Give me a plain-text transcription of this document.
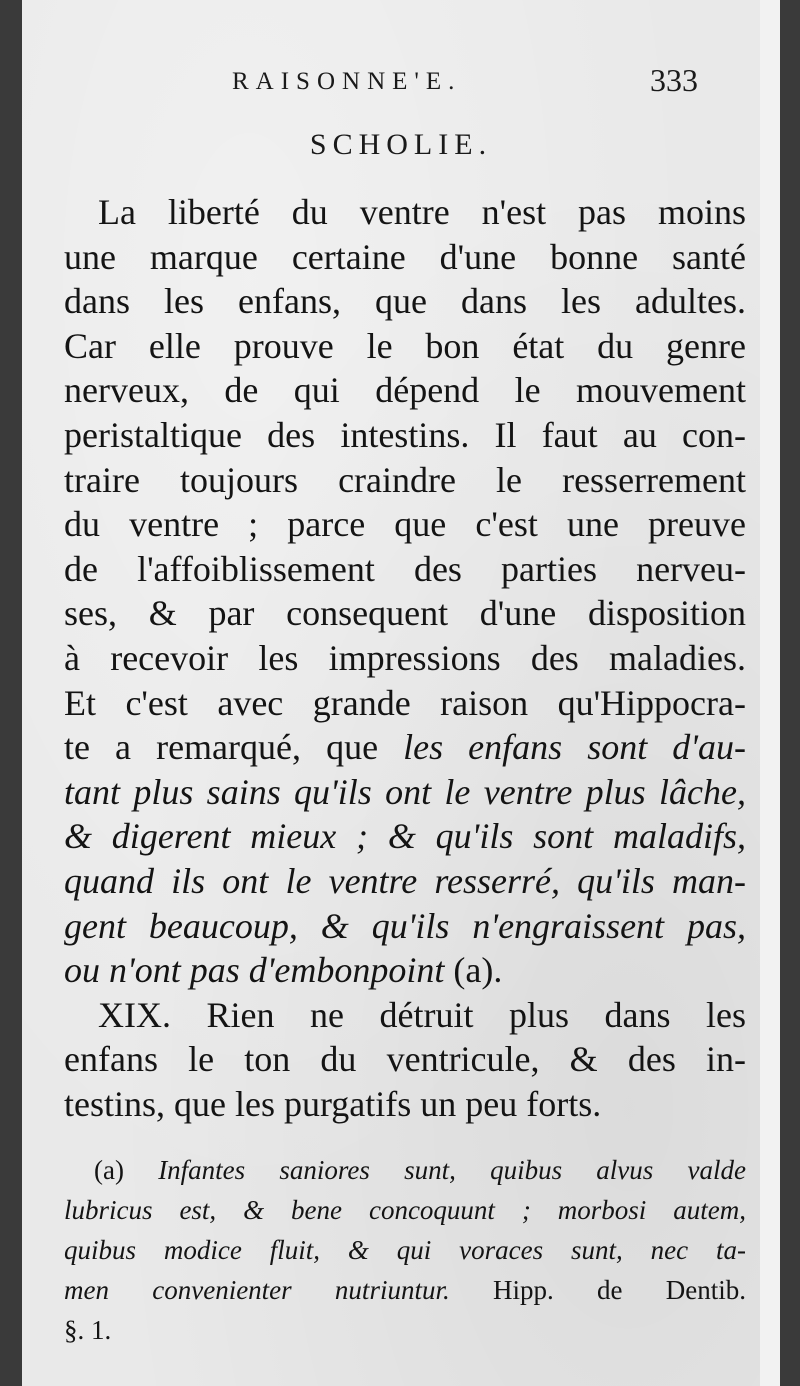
RAISONNE'E.	333
SCHOLIE.
La liberté du ventre n'est pas moins
une marque certaine d'une bonne santé
dans les enfans, que dans les adultes.
Car elle prouve le bon état du genre
nerveux, de qui dépend le mouvement
peristaltique des intestins. Il faut au con-
traire toujours craindre le resserrement
du ventre ; parce que c'est une preuve
de l'affoiblissement des parties nerveu-
ses, & par consequent d'une disposition
à recevoir les impressions des maladies.
Et c'est avec grande raison qu'Hippocra-
te a remarqué, que les enfans sont d'au-
tant plus sains qu'ils ont le ventre plus lâche,
& digerent mieux ; & qu'ils sont maladifs,
quand ils ont le ventre resserré, qu'ils man-
gent beaucoup, & qu'ils n'engraissent pas,
ou n'ont pas d'embonpoint (a).
XIX. Rien ne détruit plus dans les
enfans le ton du ventricule, & des in-
testins, que les purgatifs un peu forts.
(a) Infantes saniores sunt, quibus alvus valde
lubricus est, & bene concoquunt ; morbosi autem,
quibus modice fluit, & qui voraces sunt, nec ta-
men convenienter nutriuntur. Hipp. de Dentib.
§. 1.
